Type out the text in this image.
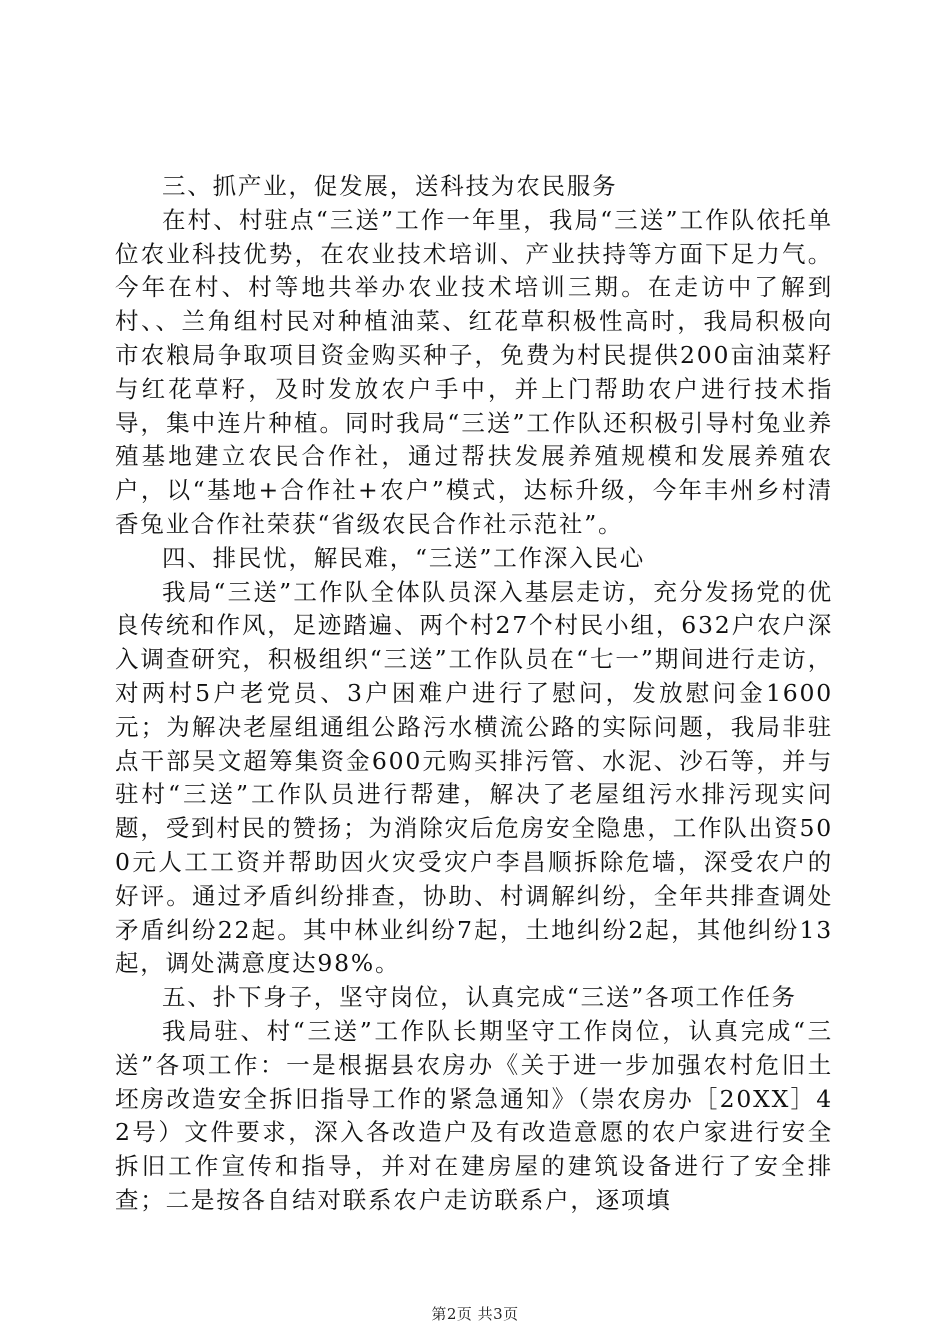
三、抓产业，促发展，送科技为农民服务

在村、村驻点“三送”工作一年里，我局“三送”工作队依托单位农业科技优势，在农业技术培训、产业扶持等方面下足力气。今年在村、村等地共举办农业技术培训三期。在走访中了解到村、、兰角组村民对种植油菜、红花草积极性高时，我局积极向市农粮局争取项目资金购买种子，免费为村民提供200亩油菜籽与红花草籽，及时发放农户手中，并上门帮助农户进行技术指导，集中连片种植。同时我局“三送”工作队还积极引导村兔业养殖基地建立农民合作社，通过帮扶发展养殖规模和发展养殖农户，以“基地+合作社+农户”模式，达标升级，今年丰州乡村清香兔业合作社荣获“省级农民合作社示范社”。

四、排民忧，解民难，“三送”工作深入民心

我局“三送”工作队全体队员深入基层走访，充分发扬党的优良传统和作风，足迹踏遍、两个村27个村民小组，632户农户深入调查研究，积极组织“三送”工作队员在“七一”期间进行走访，对两村5户老党员、3户困难户进行了慰问，发放慰问金1600元；为解决老屋组通组公路污水横流公路的实际问题，我局非驻点干部吴文超筹集资金600元购买排污管、水泥、沙石等，并与驻村“三送”工作队员进行帮建，解决了老屋组污水排污现实问题，受到村民的赞扬；为消除灾后危房安全隐患，工作队出资500元人工工资并帮助因火灾受灾户李昌顺拆除危墙，深受农户的好评。通过矛盾纠纷排查，协助、村调解纠纷，全年共排查调处矛盾纠纷22起。其中林业纠纷7起，土地纠纷2起，其他纠纷13起，调处满意度达98%。

五、扑下身子，坚守岗位，认真完成“三送”各项工作任务

我局驻、村“三送”工作队长期坚守工作岗位，认真完成“三送”各项工作：一是根据县农房办《关于进一步加强农村危旧土坯房改造安全拆旧指导工作的紧急通知》（崇农房办［20XX］42号）文件要求，深入各改造户及有改造意愿的农户家进行安全拆旧工作宣传和指导，并对在建房屋的建筑设备进行了安全排查；二是按各自结对联系农户走访联系户，逐项填

第2页 共3页
